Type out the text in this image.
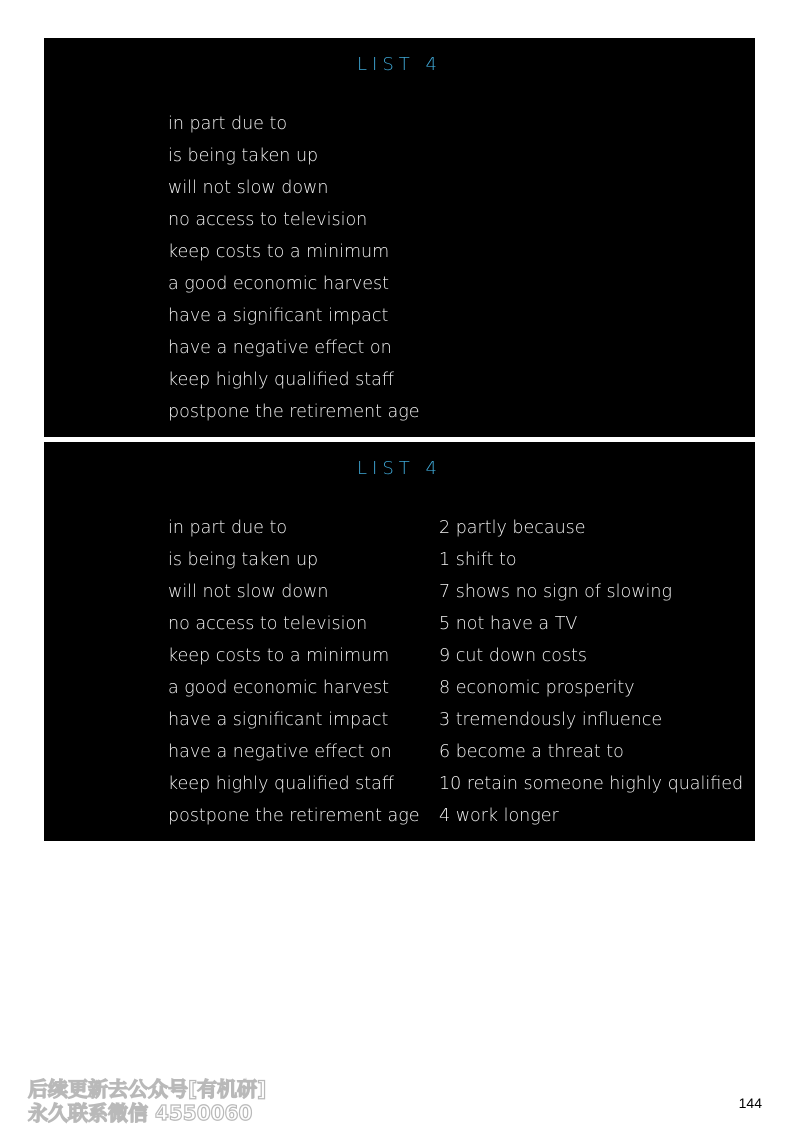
LIST 4
in part due to
is being taken up
will not slow down
no access to television
keep costs to a minimum
a good economic harvest
have a significant impact
have a negative effect on
keep highly qualified staff
postpone the retirement age
LIST 4
in part due to
is being taken up
will not slow down
no access to television
keep costs to a minimum
a good economic harvest
have a significant impact
have a negative effect on
keep highly qualified staff
postpone the retirement age
2 partly because
1 shift to
7 shows no sign of slowing
5 not have a TV
9 cut down costs
8 economic prosperity
3 tremendously influence
6 become a threat to
10 retain someone highly qualified
4 work longer
后续更新去公众号[有机研]
永久联系微信 4550060	144
